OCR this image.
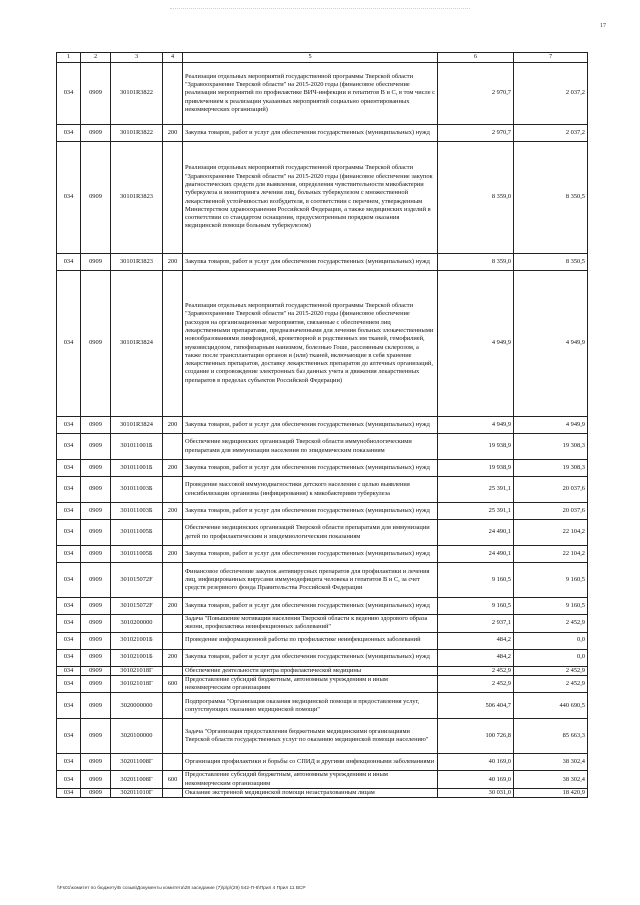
17
1	2	3	4	5	6	7
034	0909	30101R3822		Реализация отдельных мероприятий государственной программы Тверской области "Здравоохранение Тверской области" на 2015-2020 годы (финансовое обеспечение реализации мероприятий по профилактике ВИЧ-инфекции и гепатитов B и C, в том числе с привлечением к реализации указанных мероприятий социально ориентированных некоммерческих организаций)	2 970,7	2 037,2
034	0909	30101R3822	200	Закупка товаров, работ и услуг для обеспечения государственных (муниципальных) нужд	2 970,7	2 037,2
034	0909	30101R3823		Реализация отдельных мероприятий государственной программы Тверской области "Здравоохранение Тверской области" на 2015-2020 годы (финансовое обеспечение закупок диагностических средств для выявления, определения чувствительности микобактерии туберкулеза и мониторинга лечения лиц, больных туберкулезом с множественной лекарственной устойчивостью возбудителя, в соответствии с перечнем, утвержденным Министерством здравоохранения Российской Федерации, а также медицинских изделий в соответствии со стандартом оснащения, предусмотренным порядком оказания медицинской помощи больным туберкулезом)	8 359,0	8 350,5
034	0909	30101R3823	200	Закупка товаров, работ и услуг для обеспечения государственных (муниципальных) нужд	8 359,0	8 350,5
034	0909	30101R3824		Реализация отдельных мероприятий государственной программы Тверской области "Здравоохранение Тверской области" на 2015-2020 годы (финансовое обеспечение расходов на организационные мероприятия, связанные с обеспечением лиц лекарственными препаратами, предназначенными для лечения больных злокачественными новообразованиями лимфоидной, кроветворной и родственных им тканей, гемофилией, муковисцидозом, гипофизарным нанизмом, болезнью Гоше, рассеянным склерозом, а также после трансплантации органов и (или) тканей, включающие в себя хранение лекарственных препаратов, доставку лекарственных препаратов до аптечных организаций, создание и сопровождение электронных баз данных учета и движения лекарственных препаратов в пределах субъектов Российской Федерации)	4 949,9	4 949,9
034	0909	30101R3824	200	Закупка товаров, работ и услуг для обеспечения государственных (муниципальных) нужд	4 949,9	4 949,9
034	0909	301011001Б		Обеспечение медицинских организаций Тверской области иммунобиологическими препаратами для иммунизации населения по эпидемическим показаниям	19 938,9	19 308,3
034	0909	301011001Б	200	Закупка товаров, работ и услуг для обеспечения государственных (муниципальных) нужд	19 938,9	19 308,3
034	0909	301011003Б		Проведение массовой иммунодиагностики детского населения с целью выявления сенсибилизации организма (инфицирования) к микобактериям туберкулеза	25 391,1	20 037,6
034	0909	301011003Б	200	Закупка товаров, работ и услуг для обеспечения государственных (муниципальных) нужд	25 391,1	20 037,6
034	0909	301011005Б		Обеспечение медицинских организаций Тверской области препаратами для иммунизации детей по профилактическим и эпидемиологическим показаниям	24 490,1	22 104,2
034	0909	301011005Б	200	Закупка товаров, работ и услуг для обеспечения государственных (муниципальных) нужд	24 490,1	22 104,2
034	0909	301015072F		Финансовое обеспечение закупок антивирусных препаратов для профилактики и лечения лиц, инфицированных вирусами иммунодефицита человека и гепатитов B и C, за счет средств резервного фонда Правительства Российской Федерации	9 160,5	9 160,5
034	0909	301015072F	200	Закупка товаров, работ и услуг для обеспечения государственных (муниципальных) нужд	9 160,5	9 160,5
034	0909	3010200000		Задача "Повышение мотивации населения Тверской области к ведению здорового образа жизни, профилактика неинфекционных заболеваний"	2 937,1	2 452,9
034	0909	301021001Б		Проведение информационной работы по профилактике неинфекционных заболеваний	484,2	0,0
034	0909	301021001Б	200	Закупка товаров, работ и услуг для обеспечения государственных (муниципальных) нужд	484,2	0,0
034	0909	301021018Г		Обеспечение деятельности центра профилактической медицины	2 452,9	2 452,9
034	0909	301021018Г	600	Предоставление субсидий бюджетным, автономным учреждениям и иным некоммерческим организациям	2 452,9	2 452,9
034	0909	3020000000		Подпрограмма "Организация оказания медицинской помощи и предоставления услуг, сопутствующих оказанию медицинской помощи"	506 404,7	440 690,5
034	0909	3020100000		Задача "Организация предоставления бюджетными медицинскими организациями Тверской области государственных услуг по оказанию медицинской помощи населению"	100 726,8	85 663,3
034	0909	302011008Г		Организация профилактики и борьбы со СПИД и другими инфекционными заболеваниями	40 169,0	38 302,4
034	0909	302011008Г	600	Предоставление субсидий бюджетным, автономным учреждениям и иным некоммерческим организациям	40 169,0	38 302,4
034	0909	302011010Г		Оказание экстренной медицинской помощи незастрахованным лицам	30 031,0	18 420,9
\\Fs01\комитет по бюджету\Б созыв\Документы комитета\28 заседание (7)\р\р\(29) 542-П-6\Прил 4 Прил 11 ВСР
